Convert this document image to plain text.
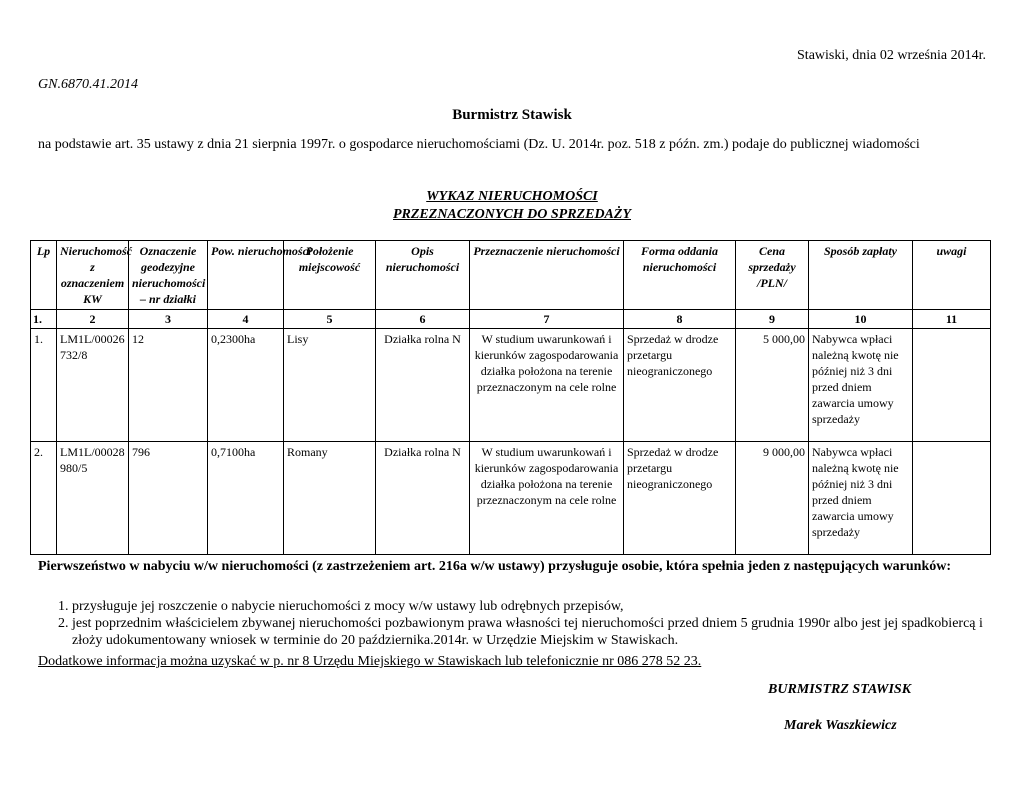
Stawiski, dnia 02 września 2014r.
GN.6870.41.2014
Burmistrz Stawisk
na podstawie art. 35 ustawy z dnia 21 sierpnia 1997r. o gospodarce nieruchomościami (Dz. U. 2014r. poz. 518 z późn. zm.) podaje do publicznej wiadomości
WYKAZ NIERUCHOMOŚCI
PRZEZNACZONYCH DO SPRZEDAŻY
Lp	Nieruchomość z oznaczeniem KW	Oznaczenie geodezyjne nieruchomości – nr działki	Pow. nieruchomości	Położenie miejscowość	Opis nieruchomości	Przeznaczenie nieruchomości	Forma oddania nieruchomości	Cena sprzedaży /PLN/	Sposób zapłaty	uwagi
1.	2	3	4	5	6	7	8	9	10	11
1.	LM1L/00026732/8	12	0,2300ha	Lisy	Działka rolna N	W studium uwarunkowań i kierunków zagospodarowania działka położona na terenie przeznaczonym na cele rolne	Sprzedaż w drodze przetargu nieograniczonego	5 000,00	Nabywca wpłaci należną kwotę nie później niż 3 dni przed dniem zawarcia umowy sprzedaży	
2.	LM1L/00028980/5	796	0,7100ha	Romany	Działka rolna N	W studium uwarunkowań i kierunków zagospodarowania działka położona na terenie przeznaczonym na cele rolne	Sprzedaż w drodze przetargu nieograniczonego	9 000,00	Nabywca wpłaci należną kwotę nie później niż 3 dni przed dniem zawarcia umowy sprzedaży	
Pierwszeństwo w nabyciu w/w nieruchomości (z zastrzeżeniem art. 216a w/w ustawy) przysługuje osobie, która spełnia jeden z następujących warunków:
1. przysługuje jej roszczenie o nabycie nieruchomości z mocy w/w ustawy lub odrębnych przepisów,
2. jest poprzednim właścicielem zbywanej nieruchomości pozbawionym prawa własności tej nieruchomości przed dniem 5 grudnia 1990r albo jest jej spadkobiercą i złoży udokumentowany wniosek w terminie do 20 października.2014r. w Urzędzie Miejskim w Stawiskach.
Dodatkowe informacja można uzyskać w p. nr 8 Urzędu Miejskiego w Stawiskach lub telefonicznie nr 086 278 52 23.
BURMISTRZ STAWISK
Marek Waszkiewicz
